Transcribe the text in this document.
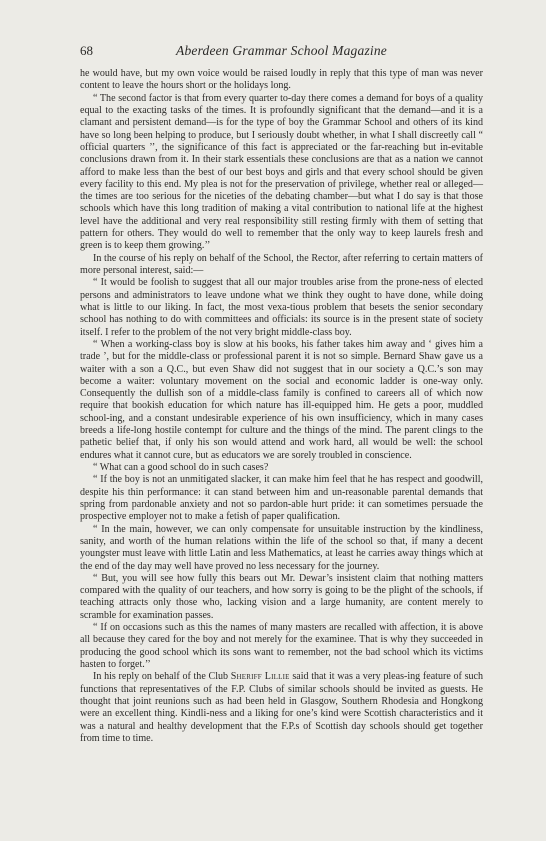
68	Aberdeen Grammar School Magazine

he would have, but my own voice would be raised loudly in reply that this type of man was never content to leave the hours short or the holidays long.

“ The second factor is that from every quarter to-day there comes a demand for boys of a quality equal to the exacting tasks of the times. It is profoundly significant that the demand—and it is a clamant and persistent demand—is for the type of boy the Grammar School and others of its kind have so long been helping to produce, but I seriously doubt whether, in what I shall discreetly call “ official quarters ’’, the significance of this fact is appreciated or the far-reaching but in-evitable conclusions drawn from it. In their stark essentials these conclusions are that as a nation we cannot afford to make less than the best of our best boys and girls and that every school should be given every facility to this end. My plea is not for the preservation of privilege, whether real or alleged—the times are too serious for the niceties of the debating chamber—but what I do say is that those schools which have this long tradition of making a vital contribution to national life at the highest level have the additional and very real responsibility still resting firmly with them of setting that pattern for others. They would do well to remember that the only way to keep laurels fresh and green is to keep them growing.’’

In the course of his reply on behalf of the School, the Rector, after referring to certain matters of more personal interest, said:—

“ It would be foolish to suggest that all our major troubles arise from the prone-ness of elected persons and administrators to leave undone what we think they ought to have done, while doing what is little to our liking. In fact, the most vexa-tious problem that besets the senior secondary school has nothing to do with committees and officials: its source is in the present state of society itself. I refer to the problem of the not very bright middle-class boy.

“ When a working-class boy is slow at his books, his father takes him away and ‘ gives him a trade ’, but for the middle-class or professional parent it is not so simple. Bernard Shaw gave us a waiter with a son a Q.C., but even Shaw did not suggest that in our society a Q.C.’s son may become a waiter: voluntary movement on the social and economic ladder is one-way only. Consequently the dullish son of a middle-class family is confined to careers all of which now require that bookish education for which nature has ill-equipped him. He gets a poor, muddled school-ing, and a constant undesirable experience of his own insufficiency, which in many cases breeds a life-long hostile contempt for culture and the things of the mind. The parent clings to the pathetic belief that, if only his son would attend and work hard, all would be well: the school endures what it cannot cure, but as educators we are sorely troubled in conscience.

“ What can a good school do in such cases?

“ If the boy is not an unmitigated slacker, it can make him feel that he has respect and goodwill, despite his thin performance: it can stand between him and un-reasonable parental demands that spring from pardonable anxiety and not so pardon-able hurt pride: it can sometimes persuade the prospective employer not to make a fetish of paper qualification.

“ In the main, however, we can only compensate for unsuitable instruction by the kindliness, sanity, and worth of the human relations within the life of the school so that, if many a decent youngster must leave with little Latin and less Mathematics, at least he carries away things which at the end of the day may well have proved no less necessary for the journey.

“ But, you will see how fully this bears out Mr. Dewar’s insistent claim that nothing matters compared with the quality of our teachers, and how sorry is going to be the plight of the schools, if teaching attracts only those who, lacking vision and a large humanity, are content merely to scramble for examination passes.

“ If on occasions such as this the names of many masters are recalled with affection, it is above all because they cared for the boy and not merely for the examinee. That is why they succeeded in producing the good school which its sons want to remember, not the bad school which its victims hasten to forget.’’

In his reply on behalf of the Club Sheriff Lillie said that it was a very pleas-ing feature of such functions that representatives of the F.P. Clubs of similar schools should be invited as guests. He thought that joint reunions such as had been held in Glasgow, Southern Rhodesia and Hongkong were an excellent thing. Kindli-ness and a liking for one’s kind were Scottish characteristics and it was a natural and healthy development that the F.P.s of Scottish day schools should get together from time to time.
